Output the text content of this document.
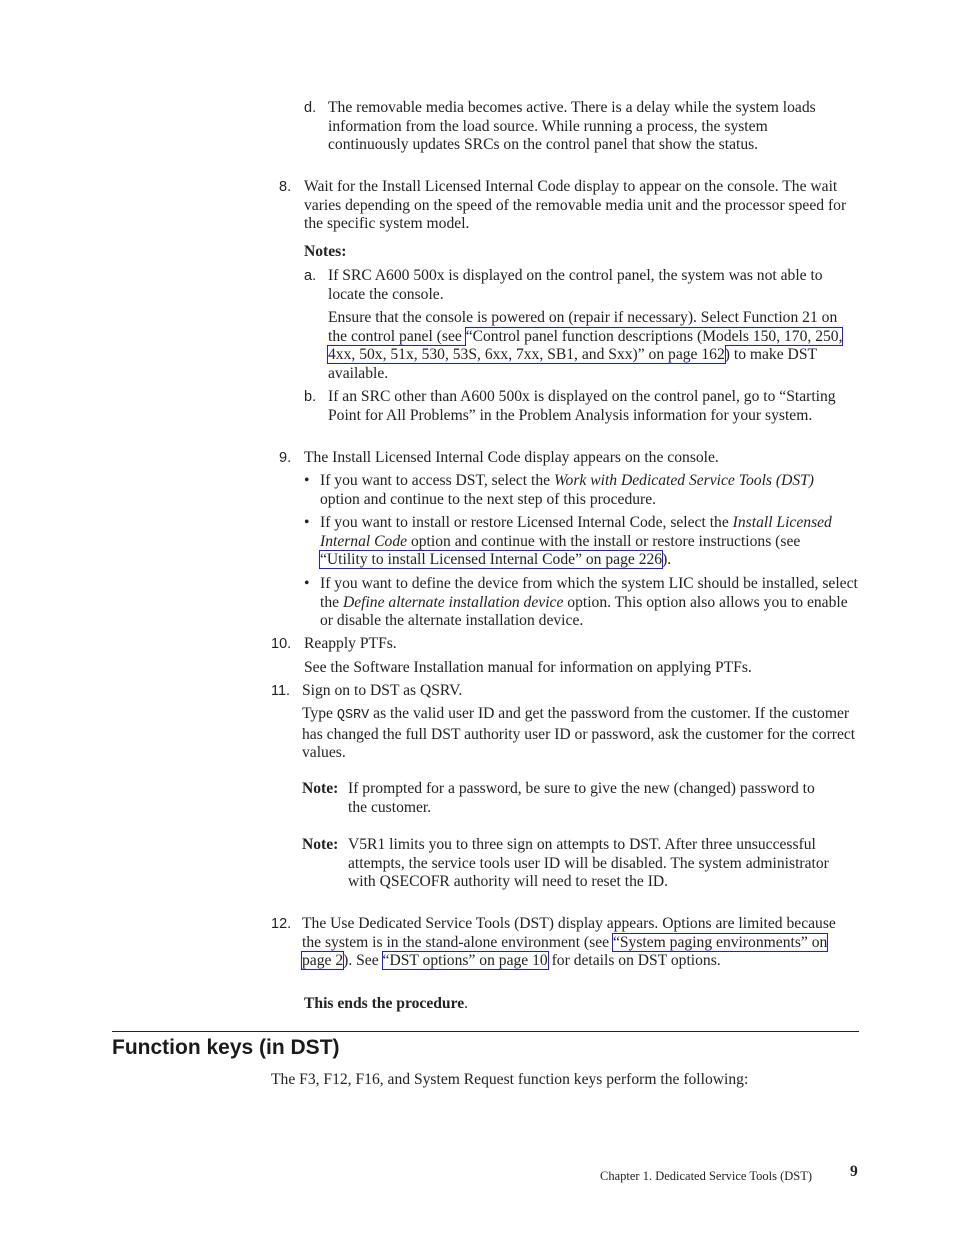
d. The removable media becomes active. There is a delay while the system loads information from the load source. While running a process, the system continuously updates SRCs on the control panel that show the status.
8. Wait for the Install Licensed Internal Code display to appear on the console. The wait varies depending on the speed of the removable media unit and the processor speed for the specific system model.
Notes:
a. If SRC A600 500x is displayed on the control panel, the system was not able to locate the console.
Ensure that the console is powered on (repair if necessary). Select Function 21 on the control panel (see “Control panel function descriptions (Models 150, 170, 250, 4xx, 50x, 51x, 530, 53S, 6xx, 7xx, SB1, and Sxx)” on page 162) to make DST available.
b. If an SRC other than A600 500x is displayed on the control panel, go to “Starting Point for All Problems” in the Problem Analysis information for your system.
9. The Install Licensed Internal Code display appears on the console.
• If you want to access DST, select the Work with Dedicated Service Tools (DST) option and continue to the next step of this procedure.
• If you want to install or restore Licensed Internal Code, select the Install Licensed Internal Code option and continue with the install or restore instructions (see “Utility to install Licensed Internal Code” on page 226).
• If you want to define the device from which the system LIC should be installed, select the Define alternate installation device option. This option also allows you to enable or disable the alternate installation device.
10. Reapply PTFs.
See the Software Installation manual for information on applying PTFs.
11. Sign on to DST as QSRV.
Type QSRV as the valid user ID and get the password from the customer. If the customer has changed the full DST authority user ID or password, ask the customer for the correct values.
Note: If prompted for a password, be sure to give the new (changed) password to the customer.
Note: V5R1 limits you to three sign on attempts to DST. After three unsuccessful attempts, the service tools user ID will be disabled. The system administrator with QSECOFR authority will need to reset the ID.
12. The Use Dedicated Service Tools (DST) display appears. Options are limited because the system is in the stand-alone environment (see “System paging environments” on page 2). See “DST options” on page 10 for details on DST options.
This ends the procedure.
Function keys (in DST)
The F3, F12, F16, and System Request function keys perform the following:
Chapter 1. Dedicated Service Tools (DST) 9
